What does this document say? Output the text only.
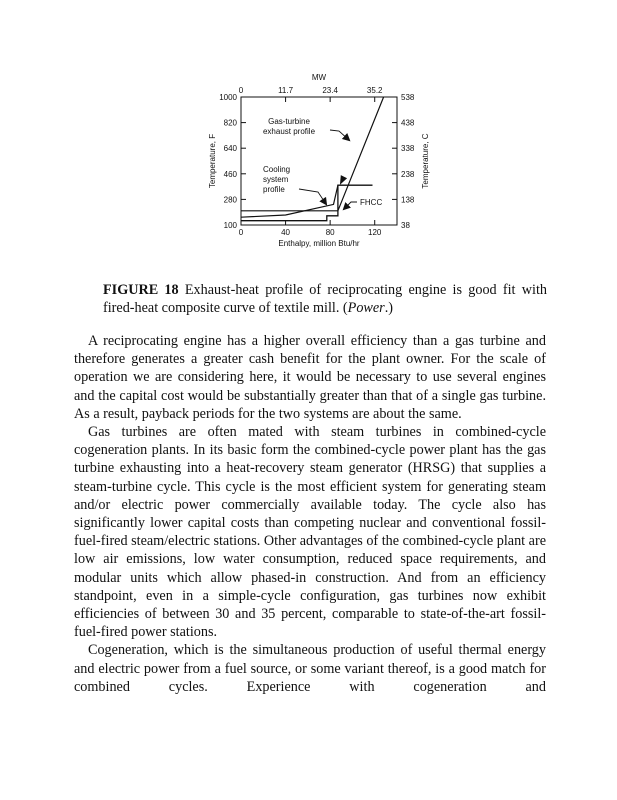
100
280
460
640
820
1000
38
138
238
338
438
538
0	40	80	120
0	11.7	23.4	35.2
MW
Enthalpy, million Btu/hr
Temperature, F	Temperature, C
Gas-turbine
exhaust profile
Cooling
system
profile
FHCC
FIGURE 18 Exhaust-heat profile of reciprocating engine is good fit with fired-heat composite curve of textile mill. (Power.)

A reciprocating engine has a higher overall efficiency than a gas turbine and therefore generates a greater cash benefit for the plant owner. For the scale of operation we are considering here, it would be necessary to use several engines and the capital cost would be substantially greater than that of a single gas turbine. As a result, payback periods for the two systems are about the same.

Gas turbines are often mated with steam turbines in combined-cycle cogeneration plants. In its basic form the combined-cycle power plant has the gas turbine exhausting into a heat-recovery steam generator (HRSG) that supplies a steam-turbine cycle. This cycle is the most efficient system for generating steam and/or electric power commercially available today. The cycle also has significantly lower capital costs than competing nuclear and conventional fossil-fuel-fired steam/electric stations. Other advantages of the combined-cycle plant are low air emissions, low water consumption, reduced space requirements, and modular units which allow phased-in construction. And from an efficiency standpoint, even in a simple-cycle configuration, gas turbines now exhibit efficiencies of between 30 and 35 percent, comparable to state-of-the-art fossil-fuel-fired power stations.

Cogeneration, which is the simultaneous production of useful thermal energy and electric power from a fuel source, or some variant thereof, is a good match for combined cycles. Experience with cogeneration and
